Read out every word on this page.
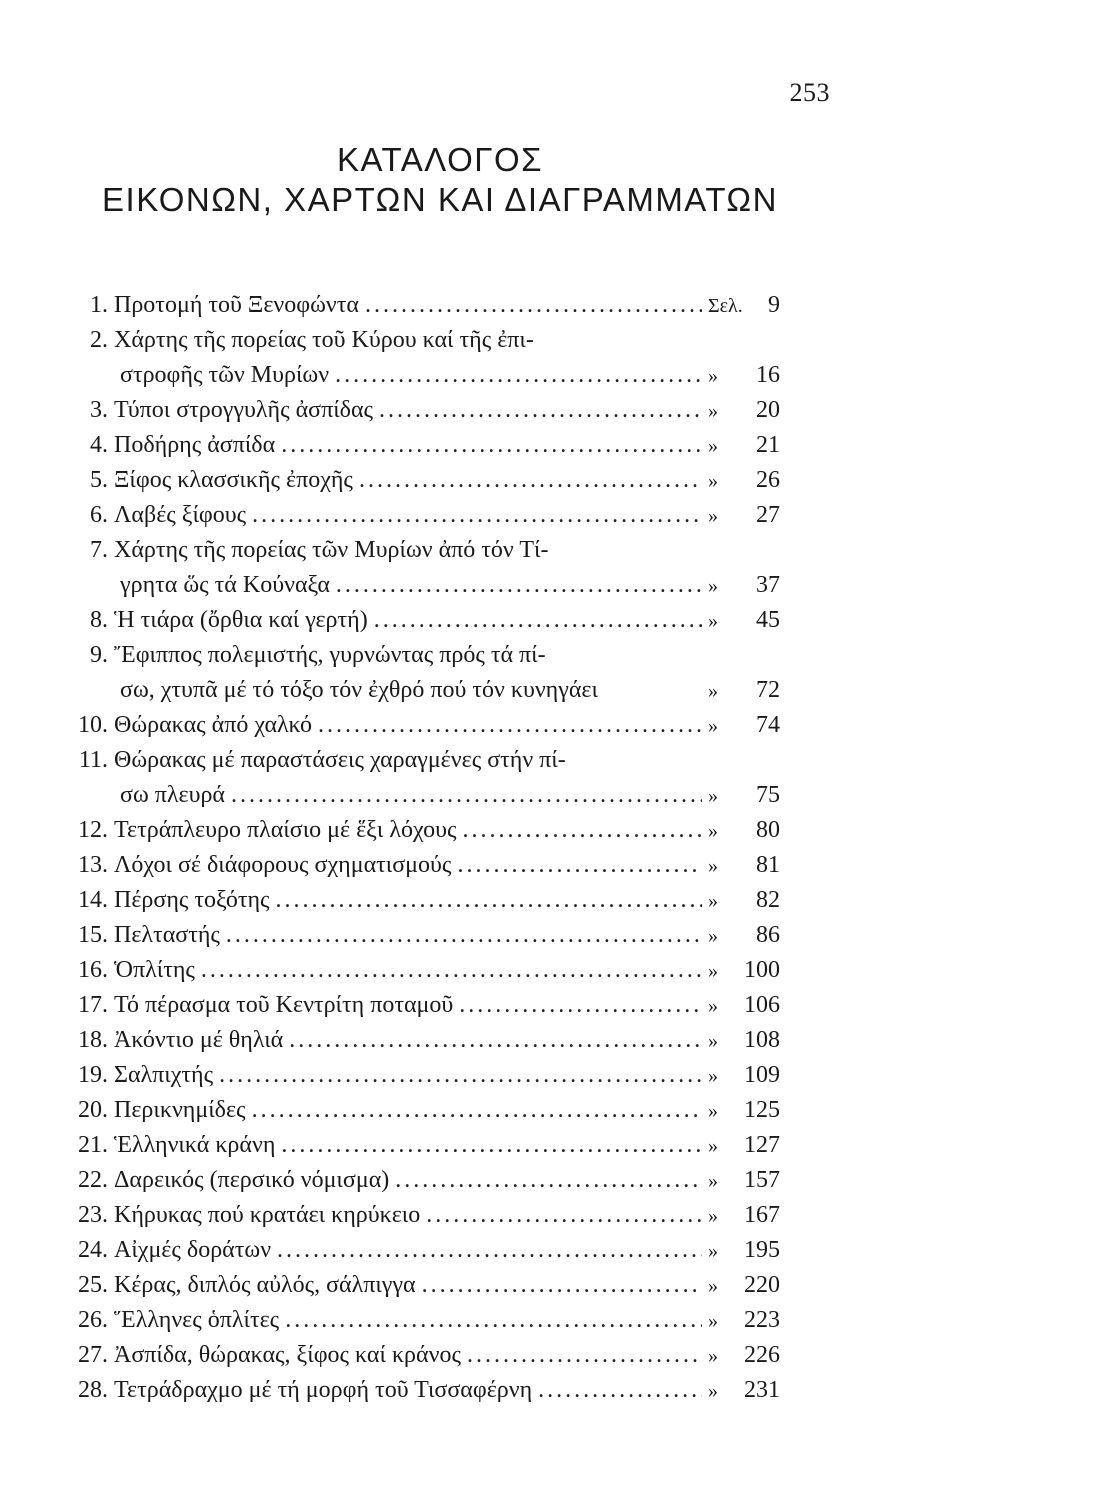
253
ΚΑΤΑΛΟΓΟΣ
ΕΙΚΟΝΩΝ, ΧΑΡΤΩΝ ΚΑΙ ΔΙΑΓΡΑΜΜΑΤΩΝ
1. Προτομή τοῦ Ξενοφώντα .....	Σελ.	9
2. Χάρτης τῆς πορείας τοῦ Κύρου καί τῆς ἐπι-
στροφῆς τῶν Μυρίων .....	»	16
3. Τύποι στρογγυλῆς ἀσπίδας .....	»	20
4. Ποδήρης ἀσπίδα .....	»	21
5. Ξίφος κλασσικῆς ἐποχῆς .....	»	26
6. Λαβές ξίφους .....	»	27
7. Χάρτης τῆς πορείας τῶν Μυρίων ἀπό τόν Τί-
γρητα ὥς τά Κούναξα .....	»	37
8. Ἡ τιάρα (ὄρθια καί γερτή) .....	»	45
9. Ἔφιππος πολεμιστής, γυρνώντας πρός τά πί-
σω, χτυπᾶ μέ τό τόξο τόν ἐχθρό πού τόν κυνηγάει	»	72
10. Θώρακας ἀπό χαλκό .....	»	74
11. Θώρακας μέ παραστάσεις χαραγμένες στήν πί-
σω πλευρά .....	»	75
12. Τετράπλευρο πλαίσιο μέ ἕξι λόχους .....	»	80
13. Λόχοι σέ διάφορους σχηματισμούς .....	»	81
14. Πέρσης τοξότης .....	»	82
15. Πελταστής .....	»	86
16. Ὁπλίτης .....	»	100
17. Τό πέρασμα τοῦ Κεντρίτη ποταμοῦ .....	»	106
18. Ἀκόντιο μέ θηλιά .....	»	108
19. Σαλπιχτής .....	»	109
20. Περικνημίδες .....	»	125
21. Ἑλληνικά κράνη .....	»	127
22. Δαρεικός (περσικό νόμισμα) .....	»	157
23. Κήρυκας πού κρατάει κηρύκειο .....	»	167
24. Αἰχμές δοράτων .....	»	195
25. Κέρας, διπλός αὐλός, σάλπιγγα .....	»	220
26. Ἕλληνες ὁπλίτες .....	»	223
27. Ἀσπίδα, θώρακας, ξίφος καί κράνος .....	»	226
28. Τετράδραχμο μέ τή μορφή τοῦ Τισσαφέρνη .....	»	231
